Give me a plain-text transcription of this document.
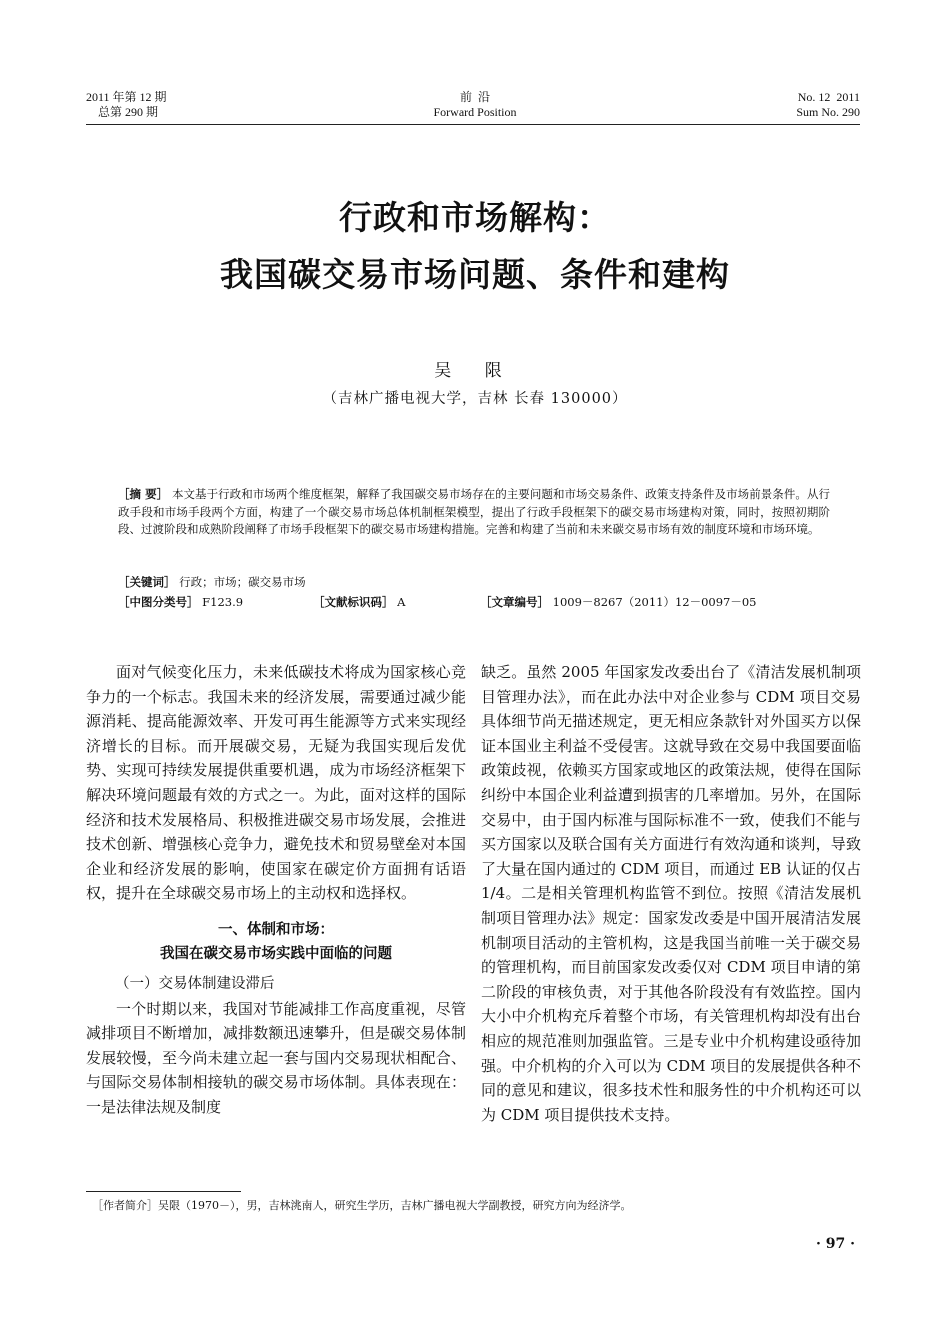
2011 年第 12 期
总第 290 期
前  沿
Forward Position
No. 12  2011
Sum No. 290
行政和市场解构：
我国碳交易市场问题、条件和建构
吴 限
（吉林广播电视大学，吉林 长春 130000）
［摘 要］ 本文基于行政和市场两个维度框架，解释了我国碳交易市场存在的主要问题和市场交易条件、政策支持条件及市场前景条件。从行政手段和市场手段两个方面，构建了一个碳交易市场总体机制框架模型，提出了行政手段框架下的碳交易市场建构对策，同时，按照初期阶段、过渡阶段和成熟阶段阐释了市场手段框架下的碳交易市场建构措施。完善和构建了当前和未来碳交易市场有效的制度环境和市场环境。
［关键词］ 行政；市场；碳交易市场
［中图分类号］ F123.9	［文献标识码］ A	［文章编号］ 1009－8267（2011）12－0097－05

面对气候变化压力，未来低碳技术将成为国家核心竞争力的一个标志。我国未来的经济发展，需要通过减少能源消耗、提高能源效率、开发可再生能源等方式来实现经济增长的目标。而开展碳交易，无疑为我国实现后发优势、实现可持续发展提供重要机遇，成为市场经济框架下解决环境问题最有效的方式之一。为此，面对这样的国际经济和技术发展格局、积极推进碳交易市场发展，会推进技术创新、增强核心竞争力，避免技术和贸易壁垒对本国企业和经济发展的影响，使国家在碳定价方面拥有话语权，提升在全球碳交易市场上的主动权和选择权。

一、体制和市场：
我国在碳交易市场实践中面临的问题

（一）交易体制建设滞后

一个时期以来，我国对节能减排工作高度重视，尽管减排项目不断增加，减排数额迅速攀升，但是碳交易体制发展较慢，至今尚未建立起一套与国内交易现状相配合、与国际交易体制相接轨的碳交易市场体制。具体表现在：一是法律法规及制度

缺乏。虽然 2005 年国家发改委出台了《清洁发展机制项目管理办法》，而在此办法中对企业参与 CDM 项目交易具体细节尚无描述规定，更无相应条款针对外国买方以保证本国业主利益不受侵害。这就导致在交易中我国要面临政策歧视，依赖买方国家或地区的政策法规，使得在国际纠纷中本国企业利益遭到损害的几率增加。另外，在国际交易中，由于国内标准与国际标准不一致，使我们不能与买方国家以及联合国有关方面进行有效沟通和谈判，导致了大量在国内通过的 CDM 项目，而通过 EB 认证的仅占 1/4。二是相关管理机构监管不到位。按照《清洁发展机制项目管理办法》规定：国家发改委是中国开展清洁发展机制项目活动的主管机构，这是我国当前唯一关于碳交易的管理机构，而目前国家发改委仅对 CDM 项目申请的第二阶段的审核负责，对于其他各阶段没有有效监控。国内大小中介机构充斥着整个市场，有关管理机构却没有出台相应的规范准则加强监管。三是专业中介机构建设亟待加强。中介机构的介入可以为 CDM 项目的发展提供各种不同的意见和建议，很多技术性和服务性的中介机构还可以为 CDM 项目提供技术支持。

［作者简介］吴限（1970－），男，吉林洮南人，研究生学历，吉林广播电视大学副教授，研究方向为经济学。
· 97 ·
